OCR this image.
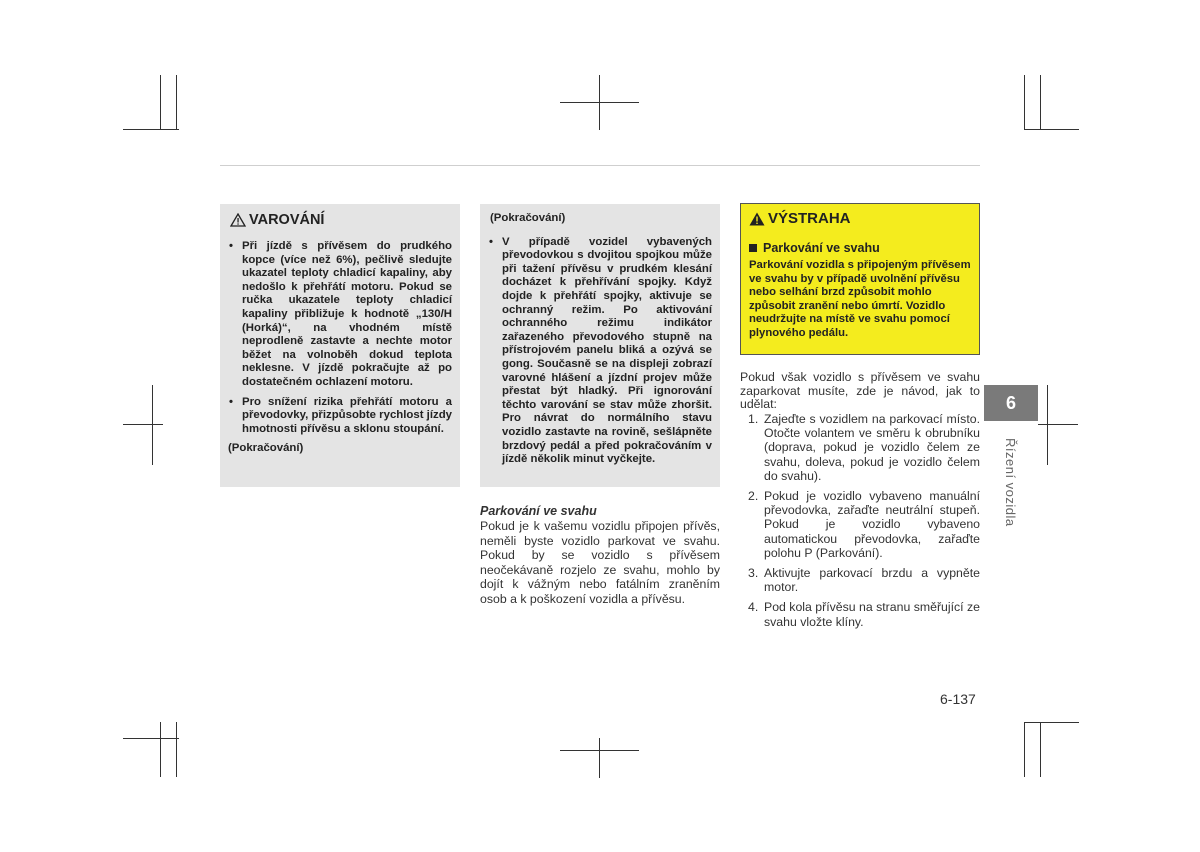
VAROVÁNÍ
• Při jízdě s přívěsem do prudkého kopce (více než 6%), pečlivě sledujte ukazatel teploty chladicí kapaliny, aby nedošlo k přehřátí motoru. Pokud se ručka ukazatele teploty chladicí kapaliny přibližuje k hodnotě „130/H (Horká)“, na vhodném místě neprodleně zastavte a nechte motor běžet na volnoběh dokud teplota neklesne. V jízdě pokračujte až po dostatečném ochlazení motoru.
• Pro snížení rizika přehřátí motoru a převodovky, přizpůsobte rychlost jízdy hmotnosti přívěsu a sklonu stoupání.
(Pokračování)
(Pokračování)
• V případě vozidel vybavených převodovkou s dvojitou spojkou může při tažení přívěsu v prudkém klesání docházet k přehřívání spojky. Když dojde k přehřátí spojky, aktivuje se ochranný režim. Po aktivování ochranného režimu indikátor zařazeného převodového stupně na přístrojovém panelu bliká a ozývá se gong. Současně se na displeji zobrazí varovné hlášení a jízdní projev může přestat být hladký. Při ignorování těchto varování se stav může zhoršit. Pro návrat do normálního stavu vozidlo zastavte na rovině, sešlápněte brzdový pedál a před pokračováním v jízdě několik minut vyčkejte.
VÝSTRAHA
Parkování ve svahu
Parkování vozidla s připojeným přívěsem ve svahu by v případě uvolnění přívěsu nebo selhání brzd způsobit mohlo způsobit zranění nebo úmrtí. Vozidlo neudržujte na místě ve svahu pomocí plynového pedálu.
Parkování ve svahu
Pokud je k vašemu vozidlu připojen přívěs, neměli byste vozidlo parkovat ve svahu. Pokud by se vozidlo s přívěsem neočekávaně rozjelo ze svahu, mohlo by dojít k vážným nebo fatálním zraněním osob a k poškození vozidla a přívěsu.
Pokud však vozidlo s přívěsem ve svahu zaparkovat musíte, zde je návod, jak to udělat:
1. Zajeďte s vozidlem na parkovací místo. Otočte volantem ve směru k obrubníku (doprava, pokud je vozidlo čelem ze svahu, doleva, pokud je vozidlo čelem do svahu).
2. Pokud je vozidlo vybaveno manuální převodovka, zařaďte neutrální stupeň. Pokud je vozidlo vybaveno automatickou převodovka, zařaďte polohu P (Parkování).
3. Aktivujte parkovací brzdu a vypněte motor.
4. Pod kola přívěsu na stranu směřující ze svahu vložte klíny.
6
Řízení vozidla
6-137
